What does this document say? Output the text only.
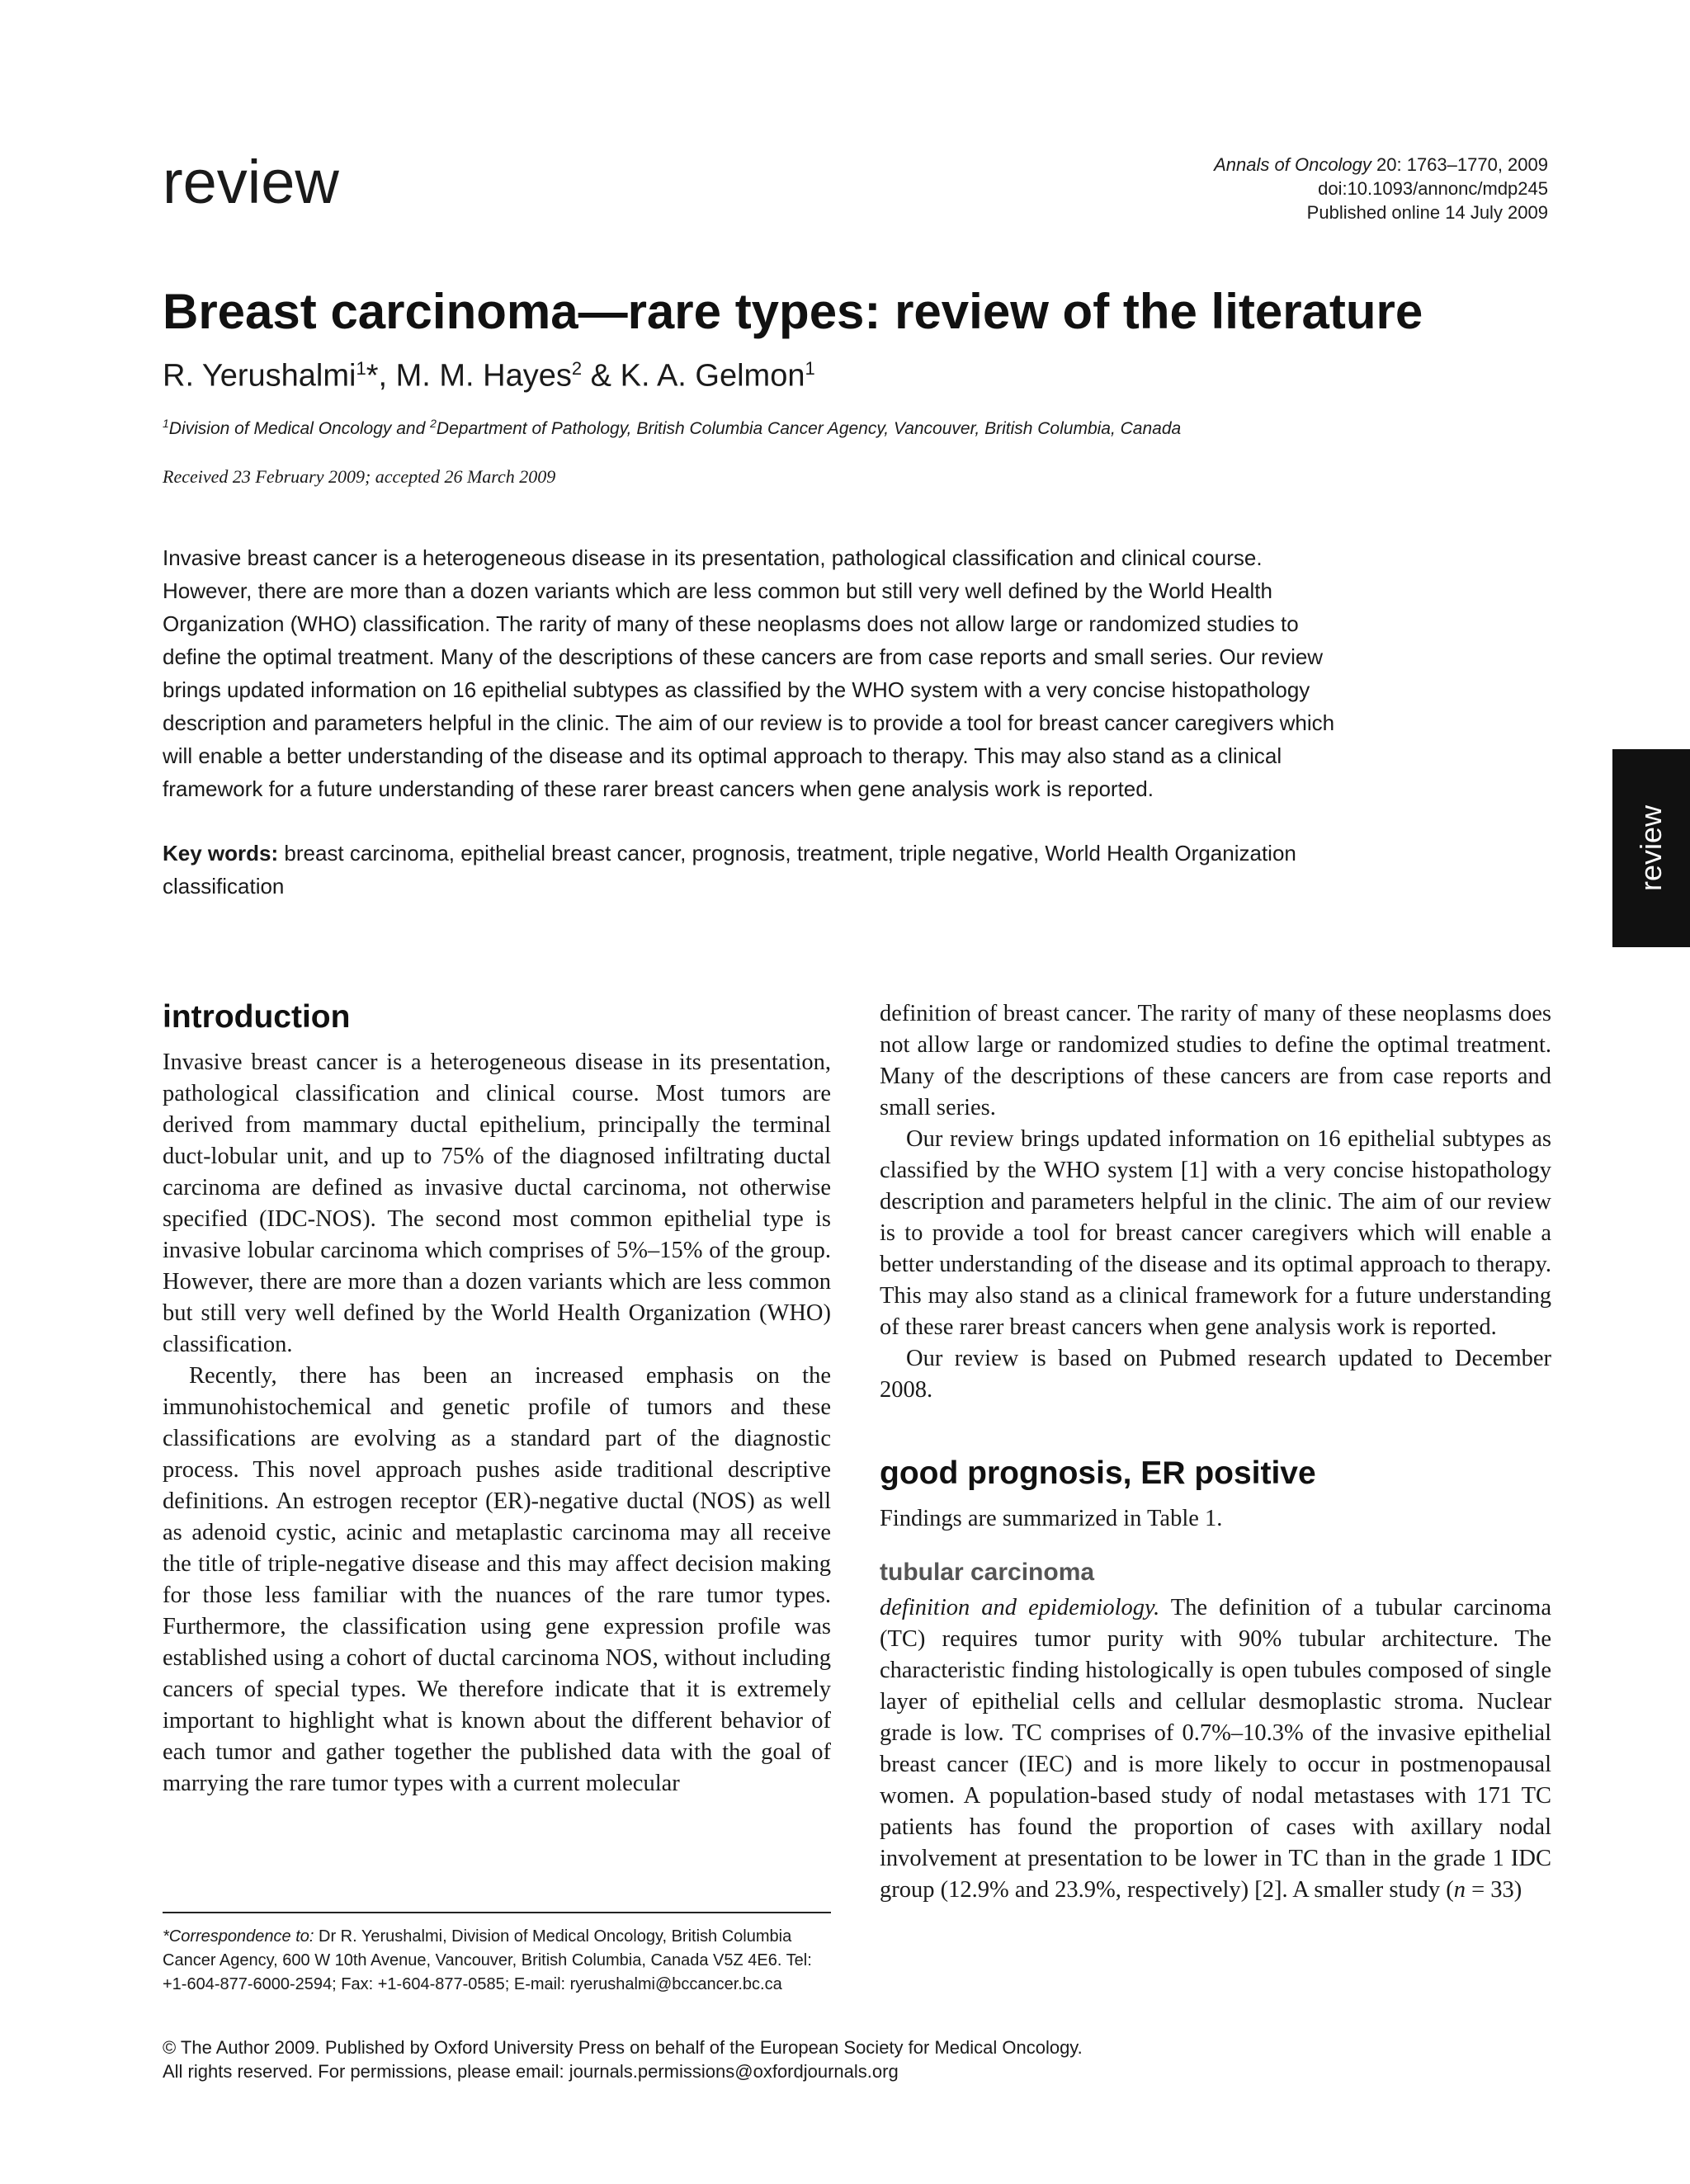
review	Annals of Oncology 20: 1763–1770, 2009
doi:10.1093/annonc/mdp245
Published online 14 July 2009
Breast carcinoma—rare types: review of the literature
R. Yerushalmi$^1$*, M. M. Hayes$^2$ & K. A. Gelmon$^1$
$^1$Division of Medical Oncology and $^2$Department of Pathology, British Columbia Cancer Agency, Vancouver, British Columbia, Canada
Received 23 February 2009; accepted 26 March 2009

Invasive breast cancer is a heterogeneous disease in its presentation, pathological classification and clinical course. However, there are more than a dozen variants which are less common but still very well defined by the World Health Organization (WHO) classification. The rarity of many of these neoplasms does not allow large or randomized studies to define the optimal treatment. Many of the descriptions of these cancers are from case reports and small series. Our review brings updated information on 16 epithelial subtypes as classified by the WHO system with a very concise histopathology description and parameters helpful in the clinic. The aim of our review is to provide a tool for breast cancer caregivers which will enable a better understanding of the disease and its optimal approach to therapy. This may also stand as a clinical framework for a future understanding of these rarer breast cancers when gene analysis work is reported.

Key words: breast carcinoma, epithelial breast cancer, prognosis, treatment, triple negative, World Health Organization classification	review
introduction

Invasive breast cancer is a heterogeneous disease in its presentation, pathological classification and clinical course. Most tumors are derived from mammary ductal epithelium, principally the terminal duct-lobular unit, and up to 75% of the diagnosed infiltrating ductal carcinoma are defined as invasive ductal carcinoma, not otherwise specified (IDC-NOS). The second most common epithelial type is invasive lobular carcinoma which comprises of 5%–15% of the group. However, there are more than a dozen variants which are less common but still very well defined by the World Health Organization (WHO) classification.

Recently, there has been an increased emphasis on the immunohistochemical and genetic profile of tumors and these classifications are evolving as a standard part of the diagnostic process. This novel approach pushes aside traditional descriptive definitions. An estrogen receptor (ER)-negative ductal (NOS) as well as adenoid cystic, acinic and metaplastic carcinoma may all receive the title of triple-negative disease and this may affect decision making for those less familiar with the nuances of the rare tumor types. Furthermore, the classification using gene expression profile was established using a cohort of ductal carcinoma NOS, without including cancers of special types. We therefore indicate that it is extremely important to highlight what is known about the different behavior of each tumor and gather together the published data with the goal of marrying the rare tumor types with a current molecular

definition of breast cancer. The rarity of many of these neoplasms does not allow large or randomized studies to define the optimal treatment. Many of the descriptions of these cancers are from case reports and small series.

Our review brings updated information on 16 epithelial subtypes as classified by the WHO system [1] with a very concise histopathology description and parameters helpful in the clinic. The aim of our review is to provide a tool for breast cancer caregivers which will enable a better understanding of the disease and its optimal approach to therapy. This may also stand as a clinical framework for a future understanding of these rarer breast cancers when gene analysis work is reported.

Our review is based on Pubmed research updated to December 2008.

good prognosis, ER positive

Findings are summarized in Table 1.

tubular carcinoma

definition and epidemiology. The definition of a tubular carcinoma (TC) requires tumor purity with 90% tubular architecture. The characteristic finding histologically is open tubules composed of single layer of epithelial cells and cellular desmoplastic stroma. Nuclear grade is low. TC comprises of 0.7%–10.3% of the invasive epithelial breast cancer (IEC) and is more likely to occur in postmenopausal women. A population-based study of nodal metastases with 171 TC patients has found the proportion of cases with axillary nodal involvement at presentation to be lower in TC than in the grade 1 IDC group (12.9% and 23.9%, respectively) [2]. A smaller study (n = 33)

*Correspondence to: Dr R. Yerushalmi, Division of Medical Oncology, British Columbia Cancer Agency, 600 W 10th Avenue, Vancouver, British Columbia, Canada V5Z 4E6. Tel: +1-604-877-6000-2594; Fax: +1-604-877-0585; E-mail: ryerushalmi@bccancer.bc.ca

© The Author 2009. Published by Oxford University Press on behalf of the European Society for Medical Oncology.
All rights reserved. For permissions, please email: journals.permissions@oxfordjournals.org
